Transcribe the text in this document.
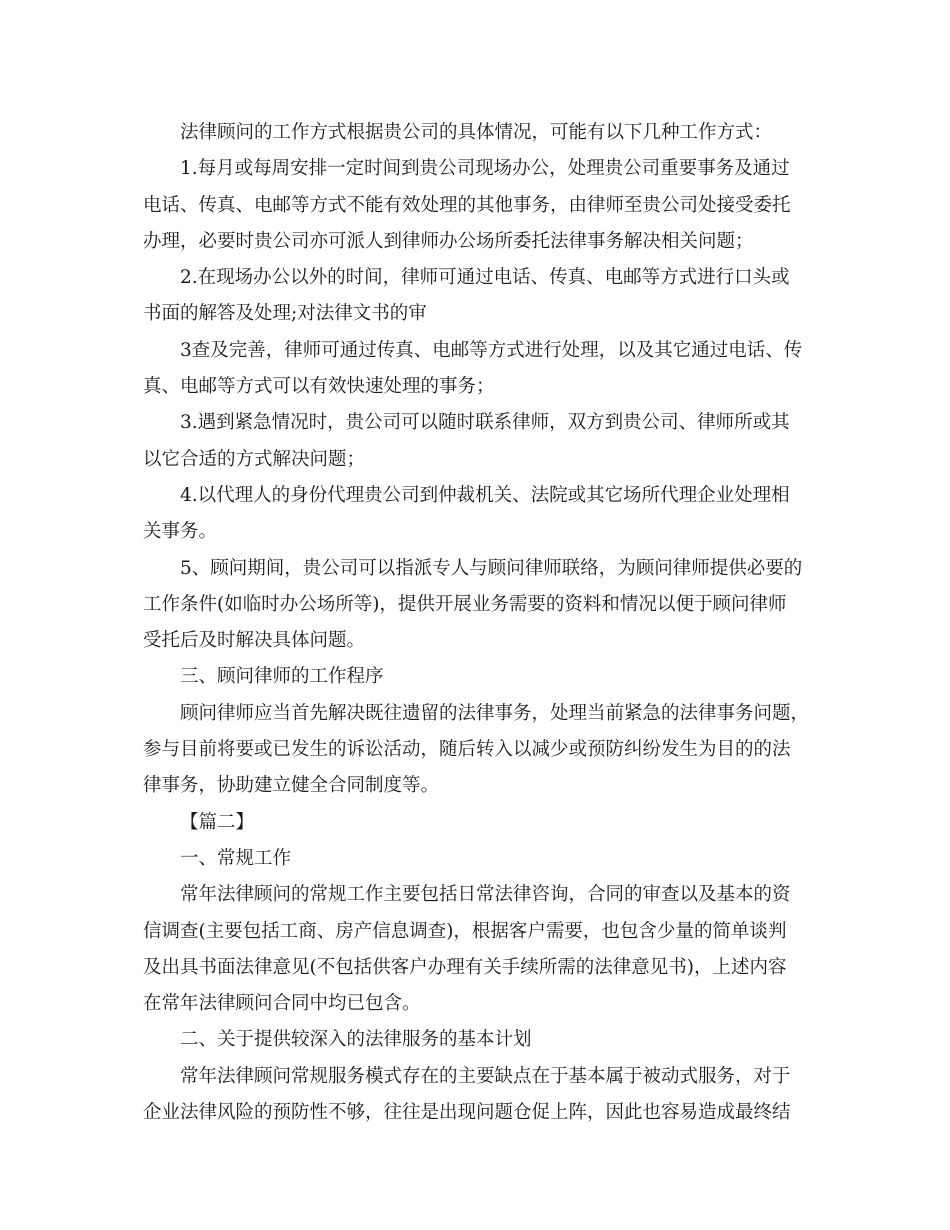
法律顾问的工作方式根据贵公司的具体情况，可能有以下几种工作方式：
1.每月或每周安排一定时间到贵公司现场办公，处理贵公司重要事务及通过
电话、传真、电邮等方式不能有效处理的其他事务，由律师至贵公司处接受委托
办理，必要时贵公司亦可派人到律师办公场所委托法律事务解决相关问题；
2.在现场办公以外的时间，律师可通过电话、传真、电邮等方式进行口头或
书面的解答及处理;对法律文书的审
3查及完善，律师可通过传真、电邮等方式进行处理，以及其它通过电话、传
真、电邮等方式可以有效快速处理的事务；
3.遇到紧急情况时，贵公司可以随时联系律师，双方到贵公司、律师所或其
以它合适的方式解决问题；
4.以代理人的身份代理贵公司到仲裁机关、法院或其它场所代理企业处理相
关事务。
5、顾问期间，贵公司可以指派专人与顾问律师联络，为顾问律师提供必要的
工作条件(如临时办公场所等)，提供开展业务需要的资料和情况以便于顾问律师
受托后及时解决具体问题。
三、顾问律师的工作程序
顾问律师应当首先解决既往遗留的法律事务，处理当前紧急的法律事务问题，
参与目前将要或已发生的诉讼活动，随后转入以减少或预防纠纷发生为目的的法
律事务，协助建立健全合同制度等。
【篇二】
一、常规工作
常年法律顾问的常规工作主要包括日常法律咨询，合同的审查以及基本的资
信调查(主要包括工商、房产信息调查)，根据客户需要，也包含少量的简单谈判
及出具书面法律意见(不包括供客户办理有关手续所需的法律意见书)，上述内容
在常年法律顾问合同中均已包含。
二、关于提供较深入的法律服务的基本计划
常年法律顾问常规服务模式存在的主要缺点在于基本属于被动式服务，对于
企业法律风险的预防性不够，往往是出现问题仓促上阵，因此也容易造成最终结
